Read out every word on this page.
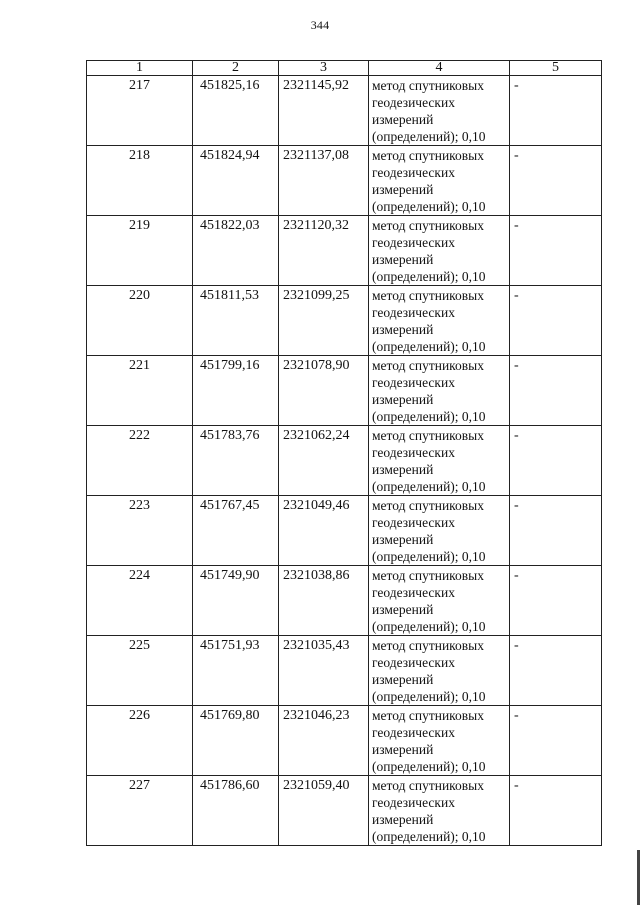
344
1	2	3	4	5
217	451825,16	2321145,92	метод спутниковых
геодезических
измерений
(определений); 0,10	-
218	451824,94	2321137,08	метод спутниковых
геодезических
измерений
(определений); 0,10	-
219	451822,03	2321120,32	метод спутниковых
геодезических
измерений
(определений); 0,10	-
220	451811,53	2321099,25	метод спутниковых
геодезических
измерений
(определений); 0,10	-
221	451799,16	2321078,90	метод спутниковых
геодезических
измерений
(определений); 0,10	-
222	451783,76	2321062,24	метод спутниковых
геодезических
измерений
(определений); 0,10	-
223	451767,45	2321049,46	метод спутниковых
геодезических
измерений
(определений); 0,10	-
224	451749,90	2321038,86	метод спутниковых
геодезических
измерений
(определений); 0,10	-
225	451751,93	2321035,43	метод спутниковых
геодезических
измерений
(определений); 0,10	-
226	451769,80	2321046,23	метод спутниковых
геодезических
измерений
(определений); 0,10	-
227	451786,60	2321059,40	метод спутниковых
геодезических
измерений
(определений); 0,10	-
